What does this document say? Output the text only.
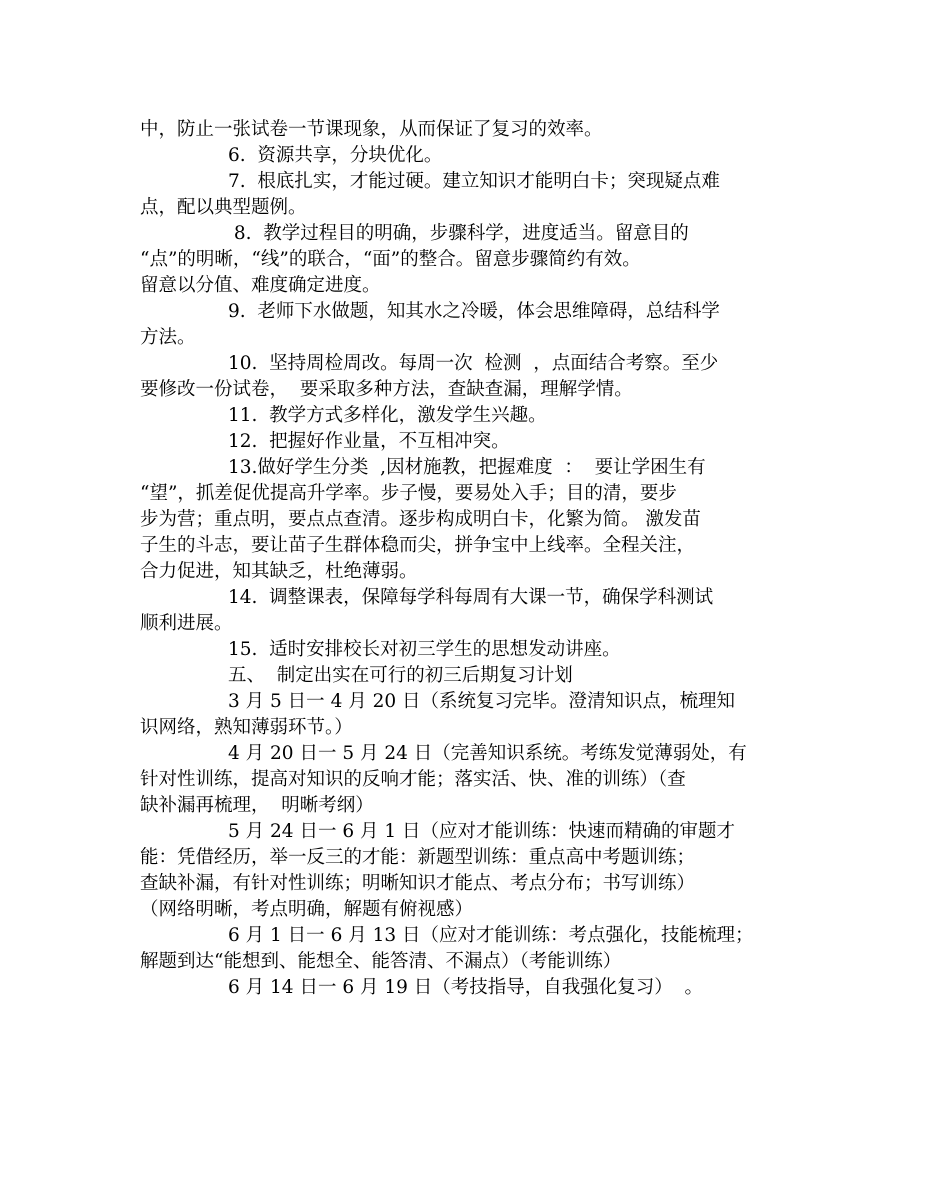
中，防止一张试卷一节课现象，从而保证了复习的效率。
6.  资源共享，分块优化。
7.  根底扎实，才能过硬。建立知识才能明白卡；突现疑点难
点，配以典型题例。
8.  教学过程目的明确，步骤科学，进度适当。留意目的
“点”的明晰，“线”的联合，“面”的整合。留意步骤简约有效。
留意以分值、难度确定进度。
9.  老师下水做题，知其水之冷暖，体会思维障碍，总结科学
方法。
10.  坚持周检周改。每周一次  检测  ，点面结合考察。至少
要修改一份试卷，  要采取多种方法，查缺查漏，理解学情。
11.  教学方式多样化，激发学生兴趣。
12.  把握好作业量，不互相冲突。
13.做好学生分类  ,因材施教，把握难度  ：  要让学困生有
“望”，抓差促优提高升学率。步子慢，要易处入手；目的清，要步
步为营；重点明，要点点查清。逐步构成明白卡，化繁为简。 激发苗
子生的斗志，要让苗子生群体稳而尖，拼争宝中上线率。全程关注，
合力促进，知其缺乏，杜绝薄弱。
14.  调整课表，保障每学科每周有大课一节，确保学科测试
顺利进展。
15.  适时安排校长对初三学生的思想发动讲座。
五、  制定出实在可行的初三后期复习计划
3 月 5 日一 4 月 20 日（系统复习完毕。澄清知识点，梳理知
识网络，熟知薄弱环节。）
4 月 20 日一 5 月 24 日（完善知识系统。考练发觉薄弱处，有
针对性训练，提高对知识的反响才能；落实活、快、准的训练）（查
缺补漏再梳理，  明晰考纲）
5 月 24 日一 6 月 1 日（应对才能训练：快速而精确的审题才
能：凭借经历，举一反三的才能：新题型训练：重点高中考题训练；
查缺补漏，有针对性训练；明晰知识才能点、考点分布；书写训练）
（网络明晰，考点明确，解题有俯视感）
6 月 1 日一 6 月 13 日（应对才能训练：考点强化，技能梳理；
解题到达“能想到、能想全、能答清、不漏点）（考能训练）
6 月 14 日一 6 月 19 日（考技指导，自我强化复习）  。
